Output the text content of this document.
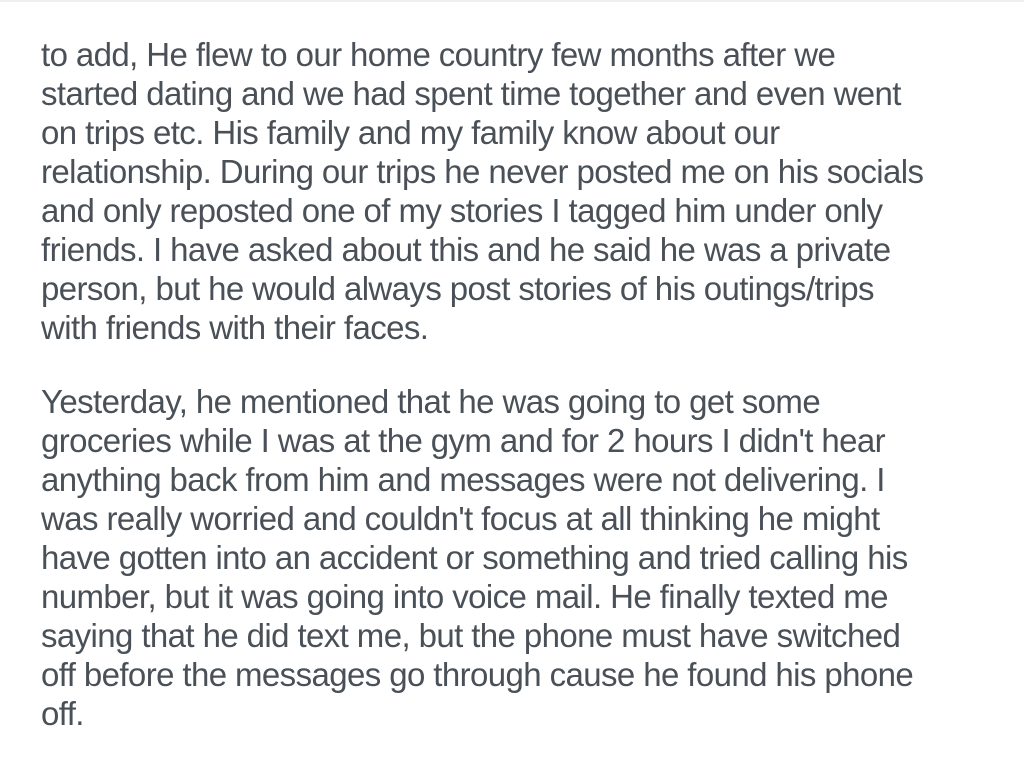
to add, He flew to our home country few months after we
started dating and we had spent time together and even went
on trips etc. His family and my family know about our
relationship. During our trips he never posted me on his socials
and only reposted one of my stories I tagged him under only
friends. I have asked about this and he said he was a private
person, but he would always post stories of his outings/trips
with friends with their faces.

Yesterday, he mentioned that he was going to get some
groceries while I was at the gym and for 2 hours I didn't hear
anything back from him and messages were not delivering. I
was really worried and couldn't focus at all thinking he might
have gotten into an accident or something and tried calling his
number, but it was going into voice mail. He finally texted me
saying that he did text me, but the phone must have switched
off before the messages go through cause he found his phone
off.
